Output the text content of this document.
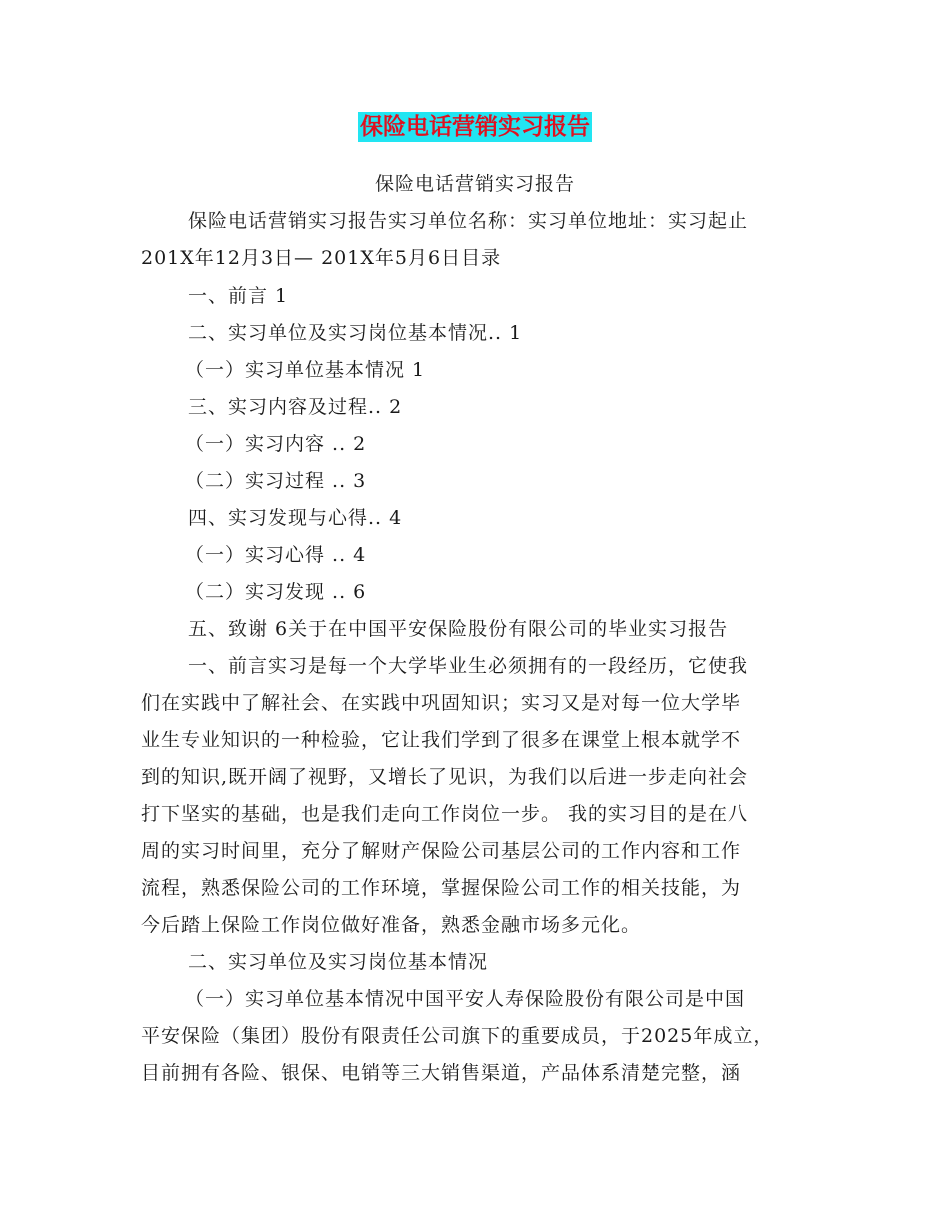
保险电话营销实习报告
保险电话营销实习报告
保险电话营销实习报告实习单位名称：实习单位地址：实习起止
201X年12月3日— 201X年5月6日目录
一、前言 1
二、实习单位及实习岗位基本情况.. 1
（一）实习单位基本情况 1
三、实习内容及过程.. 2
（一）实习内容 .. 2
（二）实习过程 .. 3
四、实习发现与心得.. 4
（一）实习心得 .. 4
（二）实习发现 .. 6
五、致谢 6关于在中国平安保险股份有限公司的毕业实习报告
一、前言实习是每一个大学毕业生必须拥有的一段经历，它使我
们在实践中了解社会、在实践中巩固知识；实习又是对每一位大学毕
业生专业知识的一种检验，它让我们学到了很多在课堂上根本就学不
到的知识,既开阔了视野，又增长了见识，为我们以后进一步走向社会
打下坚实的基础，也是我们走向工作岗位一步。 我的实习目的是在八
周的实习时间里，充分了解财产保险公司基层公司的工作内容和工作
流程，熟悉保险公司的工作环境，掌握保险公司工作的相关技能，为
今后踏上保险工作岗位做好准备，熟悉金融市场多元化。
二、实习单位及实习岗位基本情况
（一）实习单位基本情况中国平安人寿保险股份有限公司是中国
平安保险（集团）股份有限责任公司旗下的重要成员，于2025年成立，
目前拥有各险、银保、电销等三大销售渠道，产品体系清楚完整，涵
